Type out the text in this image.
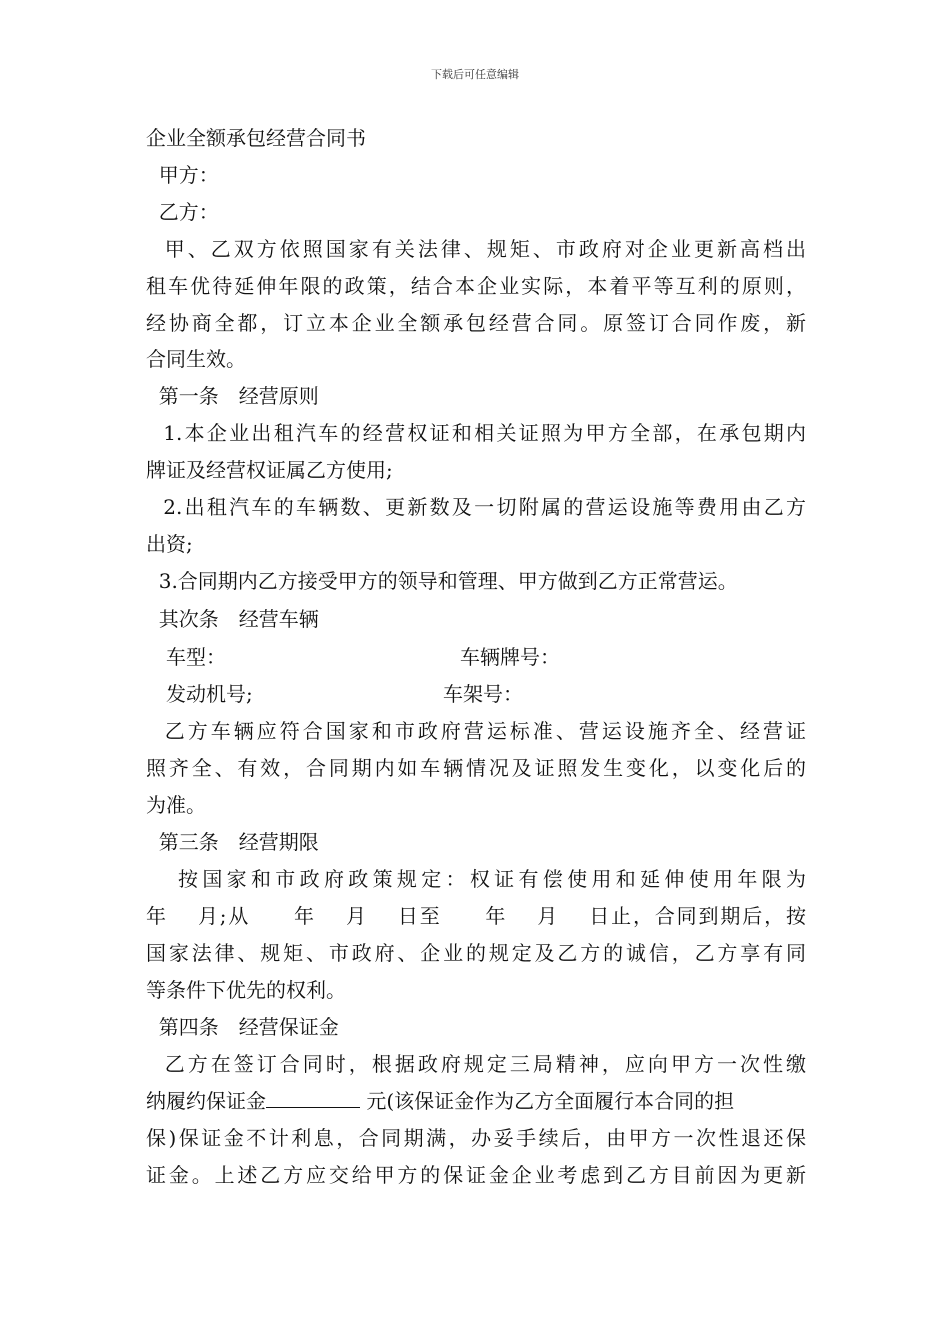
下载后可任意编辑
企业全额承包经营合同书
甲方：
乙方：
甲、乙双方依照国家有关法律、规矩、市政府对企业更新高档出
租车优待延伸年限的政策，结合本企业实际，本着平等互利的原则，
经协商全都，订立本企业全额承包经营合同。原签订合同作废，新
合同生效。
第一条　经营原则
1.本企业出租汽车的经营权证和相关证照为甲方全部，在承包期内
牌证及经营权证属乙方使用;
2.出租汽车的车辆数、更新数及一切附属的营运设施等费用由乙方
出资;
3.合同期内乙方接受甲方的领导和管理、甲方做到乙方正常营运。
其次条　经营车辆
车型：	车辆牌号：
发动机号;	车架号：
乙方车辆应符合国家和市政府营运标准、营运设施齐全、经营证
照齐全、有效，合同期内如车辆情况及证照发生变化，以变化后的
为准。
第三条　经营期限
按国家和市政府政策规定：权证有偿使用和延伸使用年限为
年　 月;从　　年　 月　 日至　　年　 月　 日止，合同到期后，按
国家法律、规矩、市政府、企业的规定及乙方的诚信，乙方享有同
等条件下优先的权利。
第四条　经营保证金
乙方在签订合同时，根据政府规定三局精神，应向甲方一次性缴
纳履约保证金	元(该保证金作为乙方全面履行本合同的担
保)保证金不计利息，合同期满，办妥手续后，由甲方一次性退还保
证金。上述乙方应交给甲方的保证金企业考虑到乙方目前因为更新
